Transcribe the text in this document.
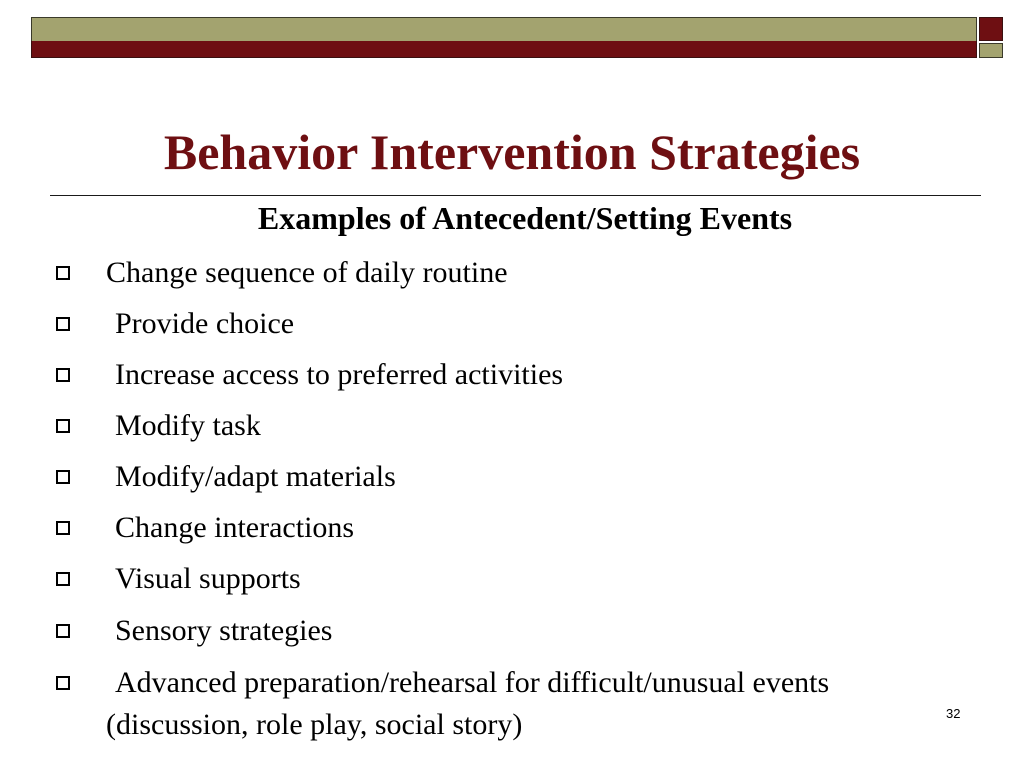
Behavior Intervention Strategies
Examples of Antecedent/Setting Events
Change sequence of daily routine
Provide choice
Increase access to preferred activities
Modify task
Modify/adapt materials
Change interactions
Visual supports
Sensory strategies
Advanced preparation/rehearsal for difficult/unusual events
(discussion, role play, social story)	32
